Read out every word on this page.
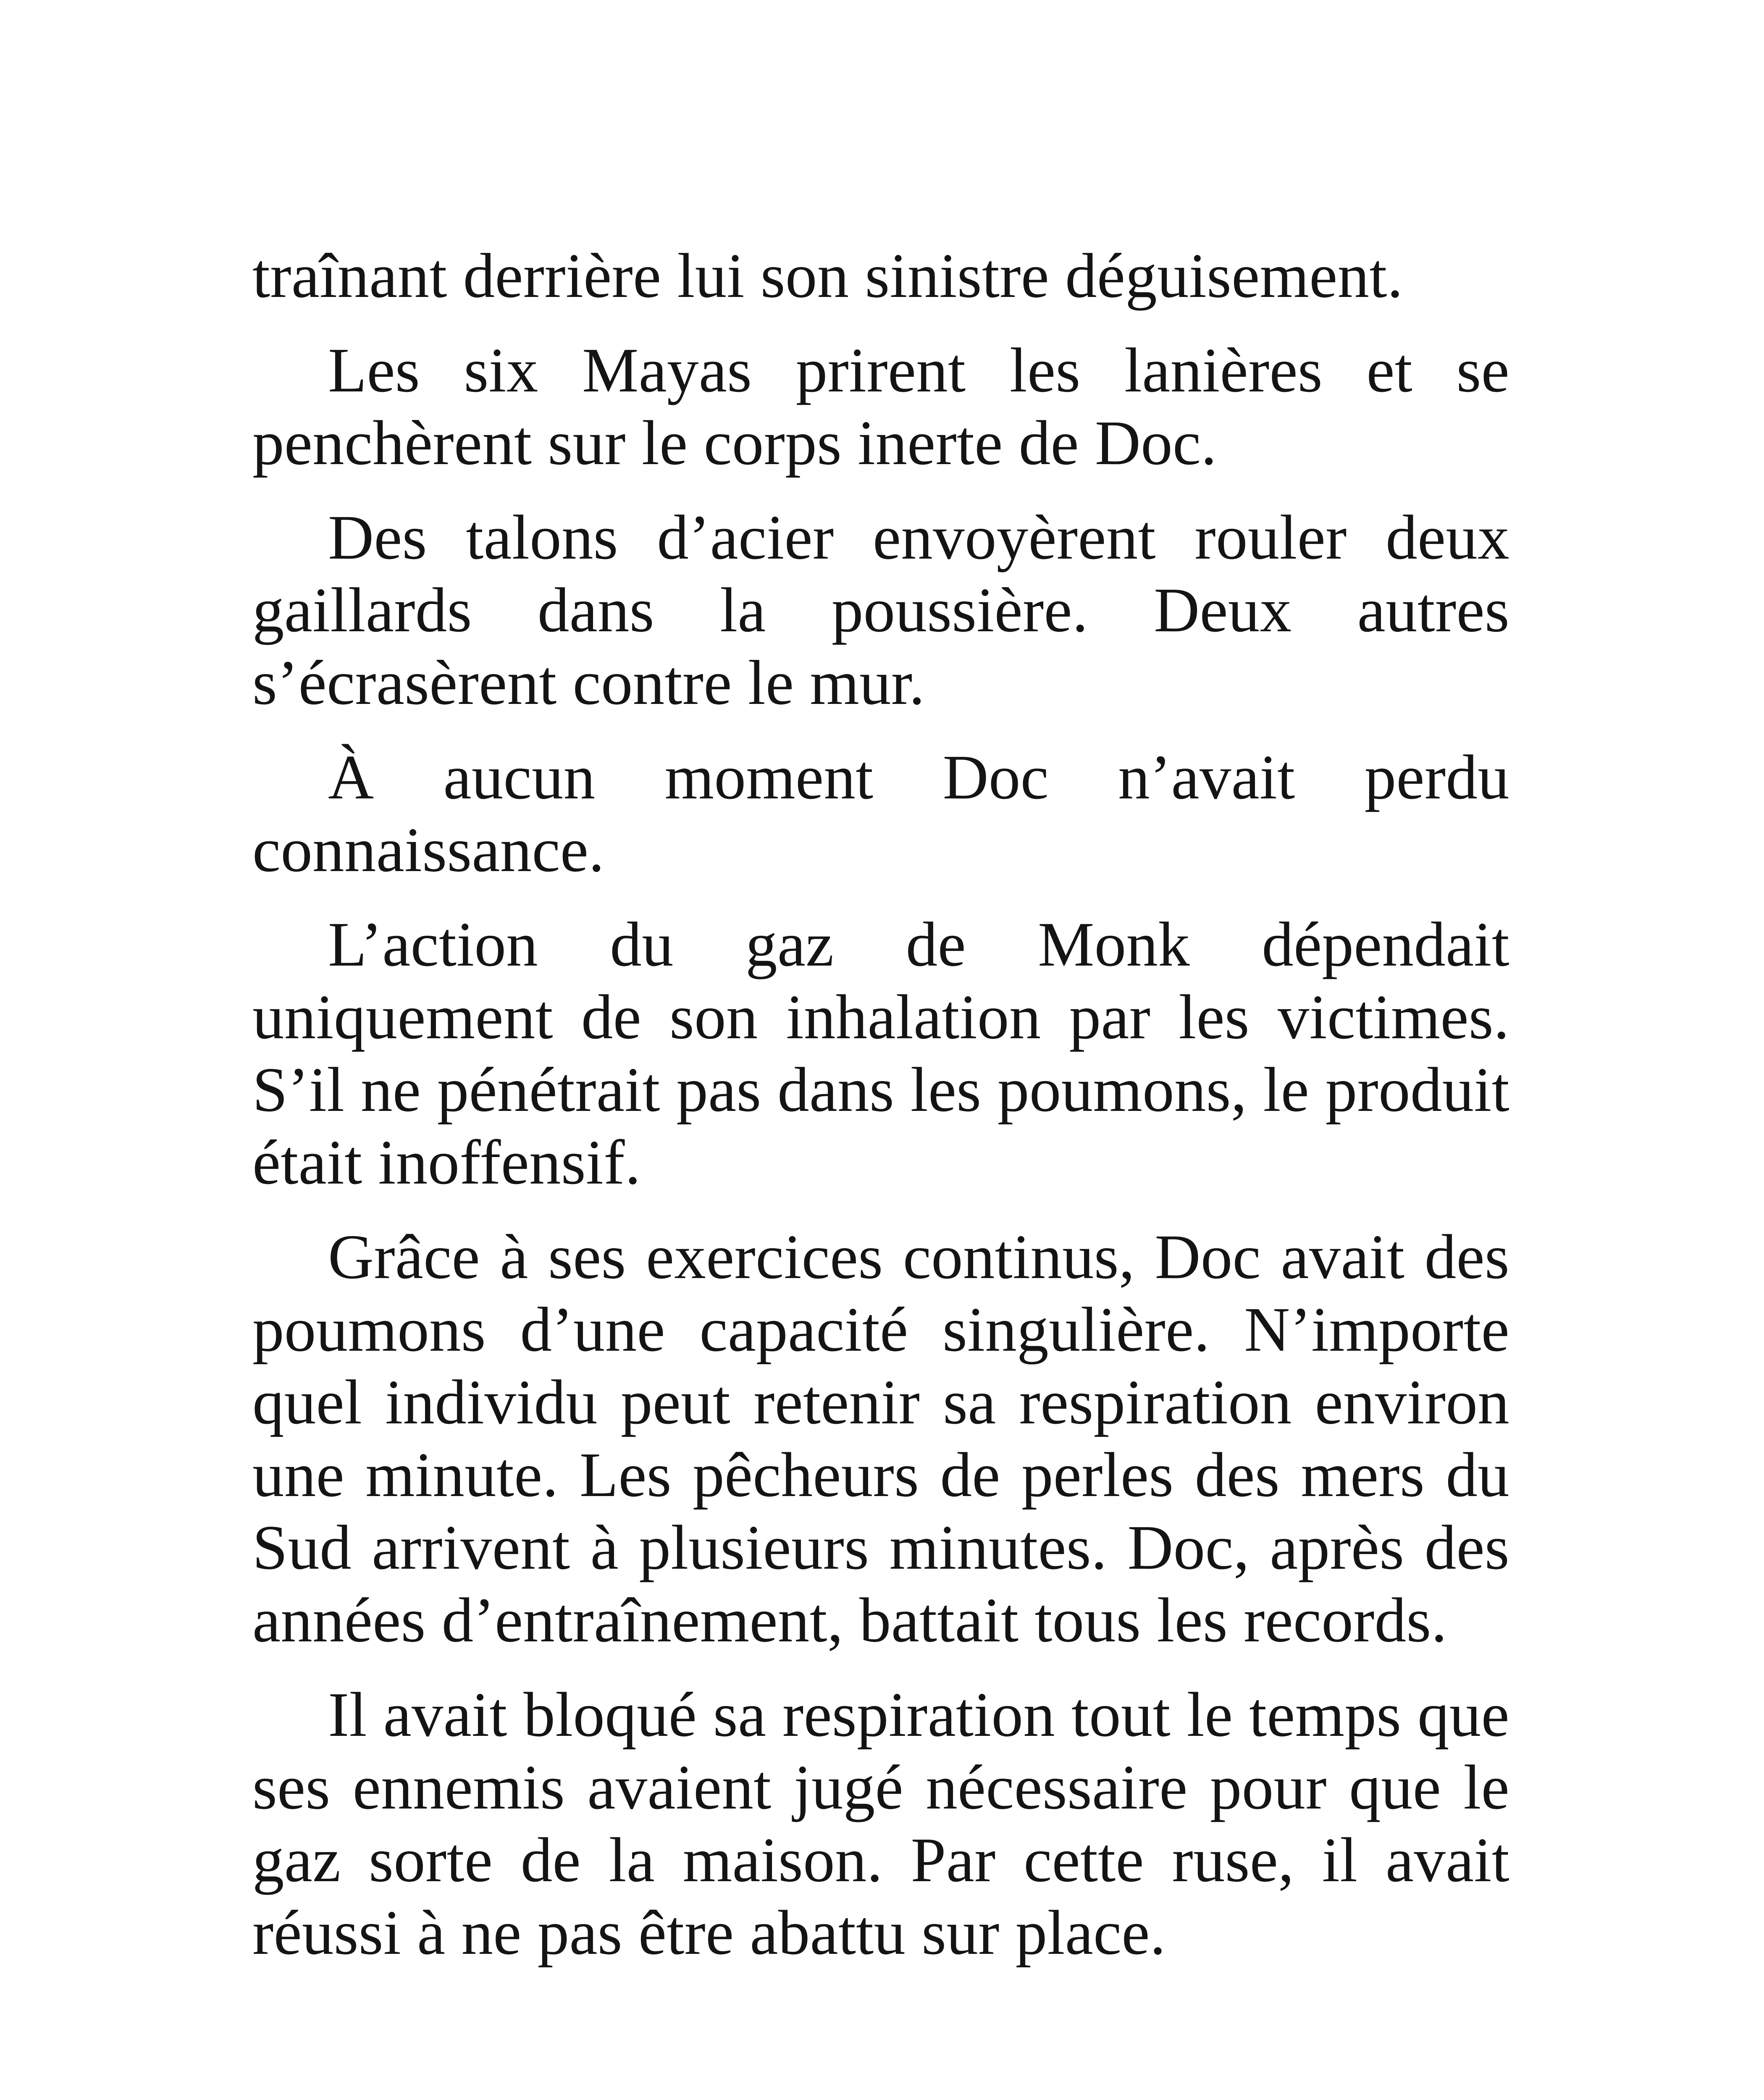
traînant derrière lui son sinistre déguisement.

Les six Mayas prirent les lanières et se penchèrent sur le corps inerte de Doc.

Des talons d’acier envoyèrent rouler deux gaillards dans la poussière. Deux autres s’écrasèrent contre le mur.

À aucun moment Doc n’avait perdu connaissance.

L’action du gaz de Monk dépendait uniquement de son inhalation par les victimes. S’il ne pénétrait pas dans les poumons, le produit était inoffensif.

Grâce à ses exercices continus, Doc avait des poumons d’une capacité singulière. N’importe quel individu peut retenir sa respiration environ une minute. Les pêcheurs de perles des mers du Sud arrivent à plusieurs minutes. Doc, après des années d’entraînement, battait tous les records.

Il avait bloqué sa respiration tout le temps que ses ennemis avaient jugé nécessaire pour que le gaz sorte de la maison. Par cette ruse, il avait réussi à ne pas être abattu sur place.
